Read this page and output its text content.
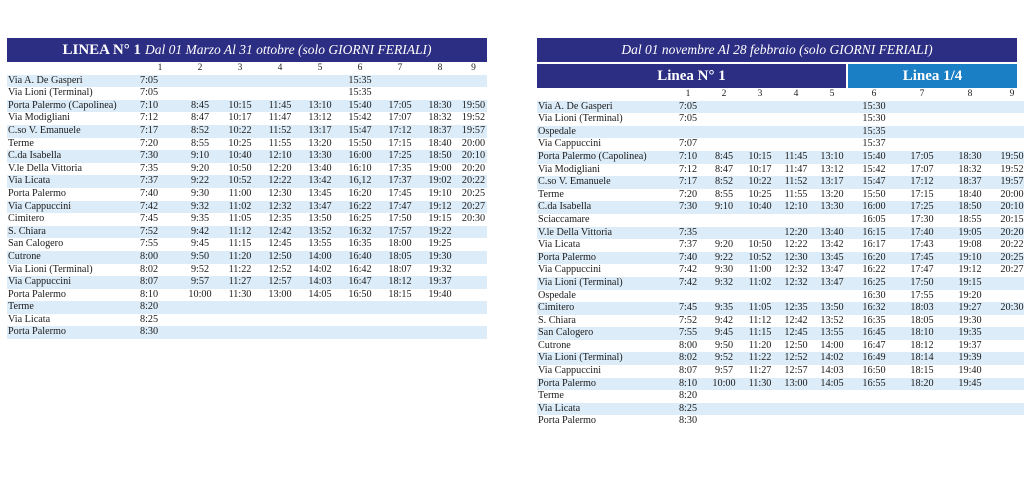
LINEA N° 1 Dal 01 Marzo Al 31 ottobre (solo GIORNI FERIALI)
	1	2	3	4	5	6	7	8	9
Via A. De Gasperi	7:05					15:35			
Via Lioni (Terminal)	7:05					15:35			
Porta Palermo (Capolinea)	7:10	8:45	10:15	11:45	13:10	15:40	17:05	18:30	19:50
Via Modigliani	7:12	8:47	10:17	11:47	13:12	15:42	17:07	18:32	19:52
C.so V. Emanuele	7:17	8:52	10:22	11:52	13:17	15:47	17:12	18:37	19:57
Terme	7:20	8:55	10:25	11:55	13:20	15:50	17:15	18:40	20:00
C.da Isabella	7:30	9:10	10:40	12:10	13:30	16:00	17:25	18:50	20:10
V.le Della Vittoria	7:35	9:20	10:50	12:20	13:40	16:10	17:35	19:00	20:20
Via Licata	7:37	9:22	10:52	12:22	13:42	16,12	17:37	19:02	20:22
Porta Palermo	7:40	9:30	11:00	12:30	13:45	16:20	17:45	19:10	20:25
Via Cappuccini	7:42	9:32	11:02	12:32	13:47	16:22	17:47	19:12	20:27
Cimitero	7:45	9:35	11:05	12:35	13:50	16:25	17:50	19:15	20:30
S. Chiara	7:52	9:42	11:12	12:42	13:52	16:32	17:57	19:22	
San Calogero	7:55	9:45	11:15	12:45	13:55	16:35	18:00	19:25	
Cutrone	8:00	9:50	11:20	12:50	14:00	16:40	18:05	19:30	
Via Lioni (Terminal)	8:02	9:52	11:22	12:52	14:02	16:42	18:07	19:32	
Via Cappuccini	8:07	9:57	11:27	12:57	14:03	16:47	18:12	19:37	
Porta Palermo	8:10	10:00	11:30	13:00	14:05	16:50	18:15	19:40	
Terme	8:20								
Via Licata	8:25								
Porta Palermo	8:30								
Dal 01 novembre Al 28 febbraio (solo GIORNI FERIALI)
Linea N° 1	Linea 1/4
	1	2	3	4	5	6	7	8	9
Via A. De Gasperi	7:05					15:30			
Via Lioni (Terminal)	7:05					15:30			
Ospedale						15:35			
Via Cappuccini	7:07					15:37			
Porta Palermo (Capolinea)	7:10	8:45	10:15	11:45	13:10	15:40	17:05	18:30	19:50
Via Modigliani	7:12	8:47	10:17	11:47	13:12	15:42	17:07	18:32	19:52
C.so V. Emanuele	7:17	8:52	10:22	11:52	13:17	15:47	17:12	18:37	19:57
Terme	7:20	8:55	10:25	11:55	13:20	15:50	17:15	18:40	20:00
C.da Isabella	7:30	9:10	10:40	12:10	13:30	16:00	17:25	18:50	20:10
Sciaccamare						16:05	17:30	18:55	20:15
V.le Della Vittoria	7:35			12:20	13:40	16:15	17:40	19:05	20:20
Via Licata	7:37	9:20	10:50	12:22	13:42	16:17	17:43	19:08	20:22
Porta Palermo	7:40	9:22	10:52	12:30	13:45	16:20	17:45	19:10	20:25
Via Cappuccini	7:42	9:30	11:00	12:32	13:47	16:22	17:47	19:12	20:27
Via Lioni (Terminal)	7:42	9:32	11:02	12:32	13:47	16:25	17:50	19:15	
Ospedale						16:30	17:55	19:20	
Cimitero	7:45	9:35	11:05	12:35	13:50	16:32	18:03	19:27	20:30
S. Chiara	7:52	9:42	11:12	12:42	13:52	16:35	18:05	19:30	
San Calogero	7:55	9:45	11:15	12:45	13:55	16:45	18:10	19:35	
Cutrone	8:00	9:50	11:20	12:50	14:00	16:47	18:12	19:37	
Via Lioni (Terminal)	8:02	9:52	11:22	12:52	14:02	16:49	18:14	19:39	
Via Cappuccini	8:07	9:57	11:27	12:57	14:03	16:50	18:15	19:40	
Porta Palermo	8:10	10:00	11:30	13:00	14:05	16:55	18:20	19:45	
Terme	8:20								
Via Licata	8:25								
Porta Palermo	8:30								
